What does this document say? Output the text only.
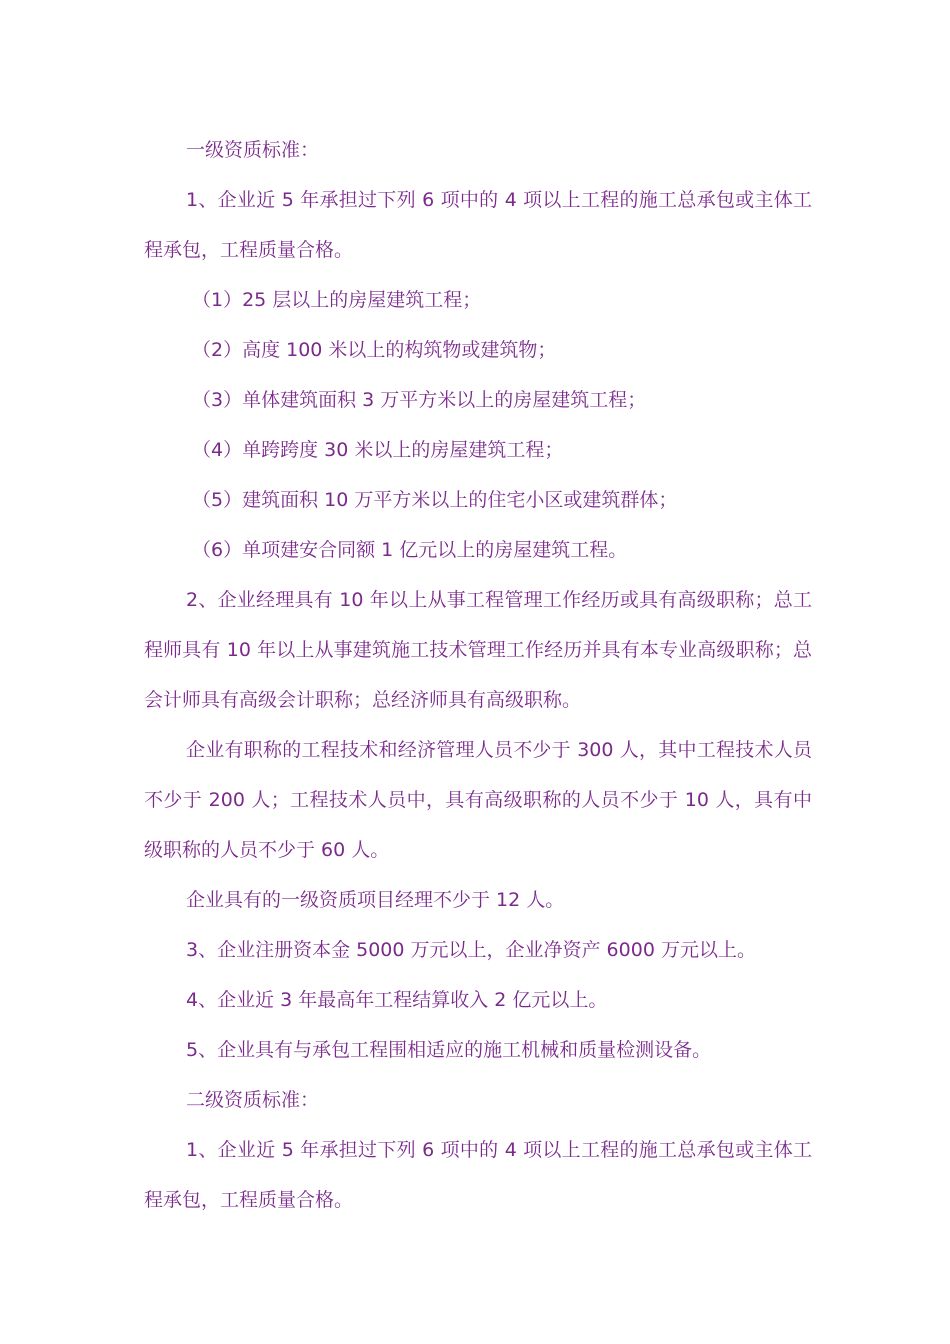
一级资质标准：

1、企业近 5 年承担过下列 6 项中的 4 项以上工程的施工总承包或主体工程承包，工程质量合格。

（1）25 层以上的房屋建筑工程；

（2）高度 100 米以上的构筑物或建筑物；

（3）单体建筑面积 3 万平方米以上的房屋建筑工程；

（4）单跨跨度 30 米以上的房屋建筑工程；

（5）建筑面积 10 万平方米以上的住宅小区或建筑群体；

（6）单项建安合同额 1 亿元以上的房屋建筑工程。

2、企业经理具有 10 年以上从事工程管理工作经历或具有高级职称；总工程师具有 10 年以上从事建筑施工技术管理工作经历并具有本专业高级职称；总会计师具有高级会计职称；总经济师具有高级职称。

企业有职称的工程技术和经济管理人员不少于 300 人，其中工程技术人员不少于 200 人；工程技术人员中，具有高级职称的人员不少于 10 人，具有中级职称的人员不少于 60 人。

企业具有的一级资质项目经理不少于 12 人。

3、企业注册资本金 5000 万元以上，企业净资产 6000 万元以上。

4、企业近 3 年最高年工程结算收入 2 亿元以上。

5、企业具有与承包工程围相适应的施工机械和质量检测设备。

二级资质标准：

1、企业近 5 年承担过下列 6 项中的 4 项以上工程的施工总承包或主体工程承包，工程质量合格。
